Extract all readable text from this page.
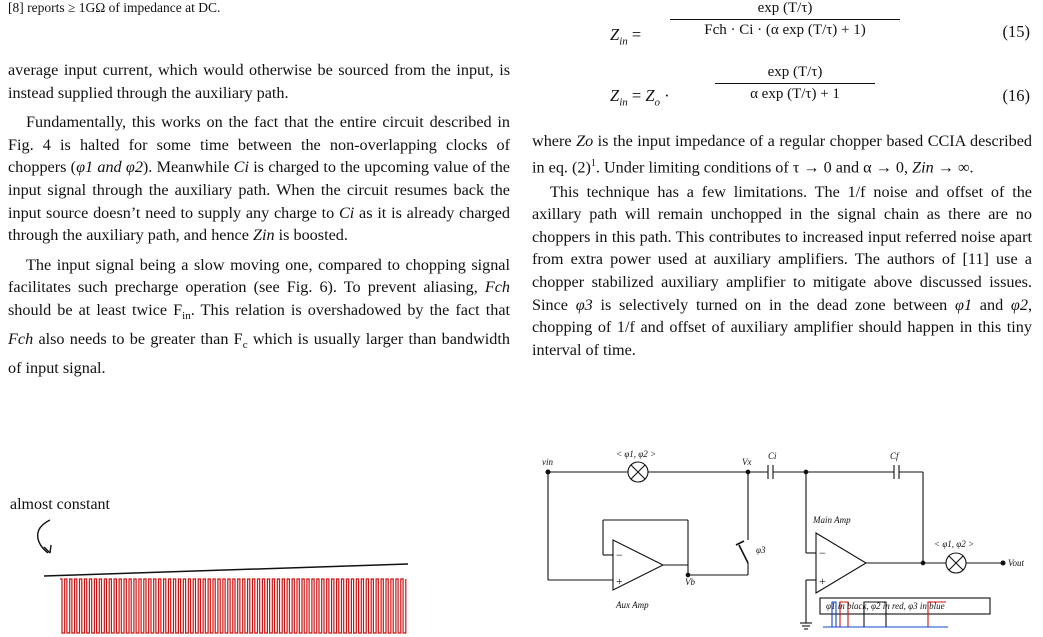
[8] reports ≥ 1GΩ of impedance at DC.

average input current, which would otherwise be sourced from the input, is instead supplied through the auxiliary path.

Fundamentally, this works on the fact that the entire circuit described in Fig. 4 is halted for some time between the non-overlapping clocks of choppers (φ1 and φ2). Meanwhile Ci is charged to the upcoming value of the input signal through the auxiliary path. When the circuit resumes back the input source doesn’t need to supply any charge to Ci as it is already charged through the auxiliary path, and hence Zin is boosted.

The input signal being a slow moving one, compared to chopping signal facilitates such precharge operation (see Fig. 6). To prevent aliasing, Fch should be at least twice $F_{in}$. This relation is overshadowed by the fact that Fch also needs to be greater than $F_c$ which is usually larger than bandwidth of input signal.

almost constant
$Z_{in}$ =
exp (T/τ)
Fch · Ci · (α exp (T/τ) + 1)	(15)
$Z_{in} = Z_o$ ·	$\frac{\exp (T/\tau)}{\text{α exp (T/τ) + 1}}$	(16)

where Zo is the input impedance of a regular chopper based CCIA described in eq. $(2)^1$. Under limiting conditions of τ → 0 and α → 0, Zin → ∞.

This technique has a few limitations. The 1/f noise and offset of the axillary path will remain unchopped in the signal chain as there are no choppers in this path. This contributes to increased input referred noise apart from extra power used at auxiliary amplifiers. The authors of [11] use a chopper stabilized auxiliary amplifier to mitigate above discussed issues. Since φ3 is selectively turned on in the dead zone between φ1 and φ2, chopping of 1/f and offset of auxiliary amplifier should happen in this tiny interval of time.

vin
< φ1, φ2 >
Vx
Ci	Cf
φ3
Vb
Aux Amp
Main Amp
< φ1, φ2 >
Vout
−
+
−
+
φ1 in black, φ2 in red, φ3 in blue
